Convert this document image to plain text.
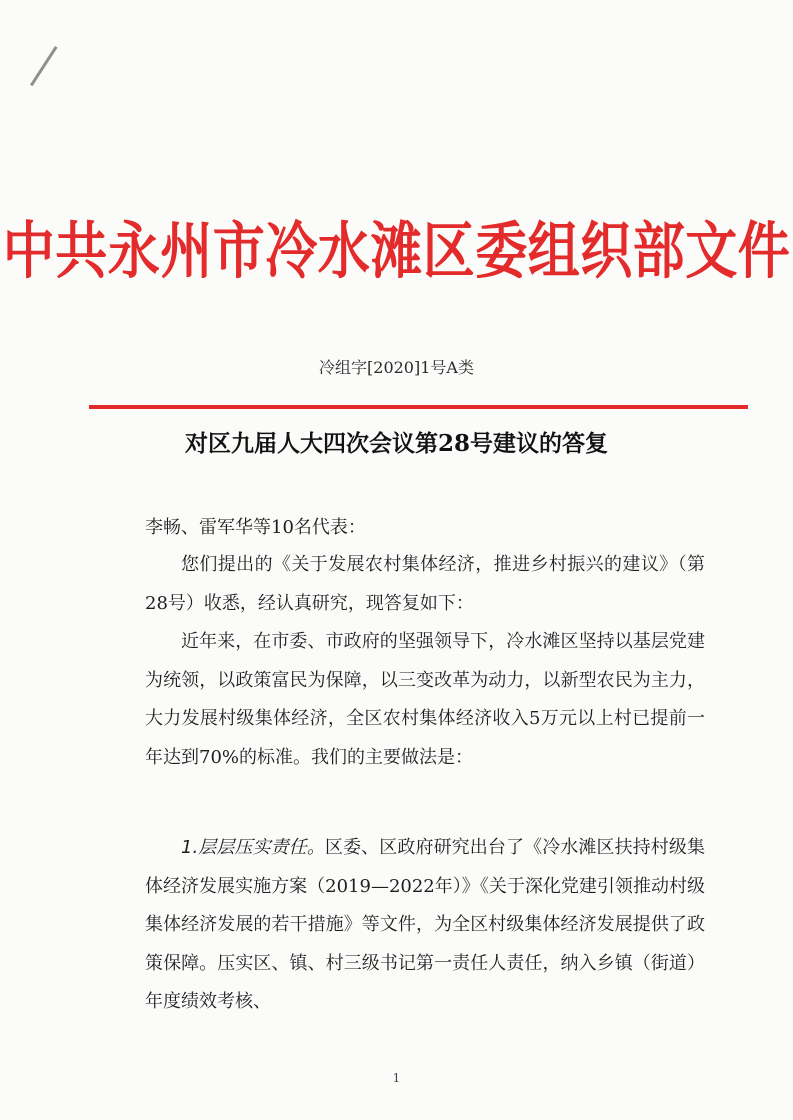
中共永州市冷水滩区委组织部文件
冷组字[2020]1号A类
对区九届人大四次会议第28号建议的答复
李畅、雷军华等10名代表：

您们提出的《关于发展农村集体经济，推进乡村振兴的建议》（第28号）收悉，经认真研究，现答复如下：

近年来，在市委、市政府的坚强领导下，冷水滩区坚持以基层党建为统领，以政策富民为保障，以三变改革为动力，以新型农民为主力，大力发展村级集体经济，全区农村集体经济收入5万元以上村已提前一年达到70%的标准。我们的主要做法是：

1.层层压实责任。区委、区政府研究出台了《冷水滩区扶持村级集体经济发展实施方案（2019—2022年）》《关于深化党建引领推动村级集体经济发展的若干措施》等文件，为全区村级集体经济发展提供了政策保障。压实区、镇、村三级书记第一责任人责任，纳入乡镇（街道）年度绩效考核、

1
